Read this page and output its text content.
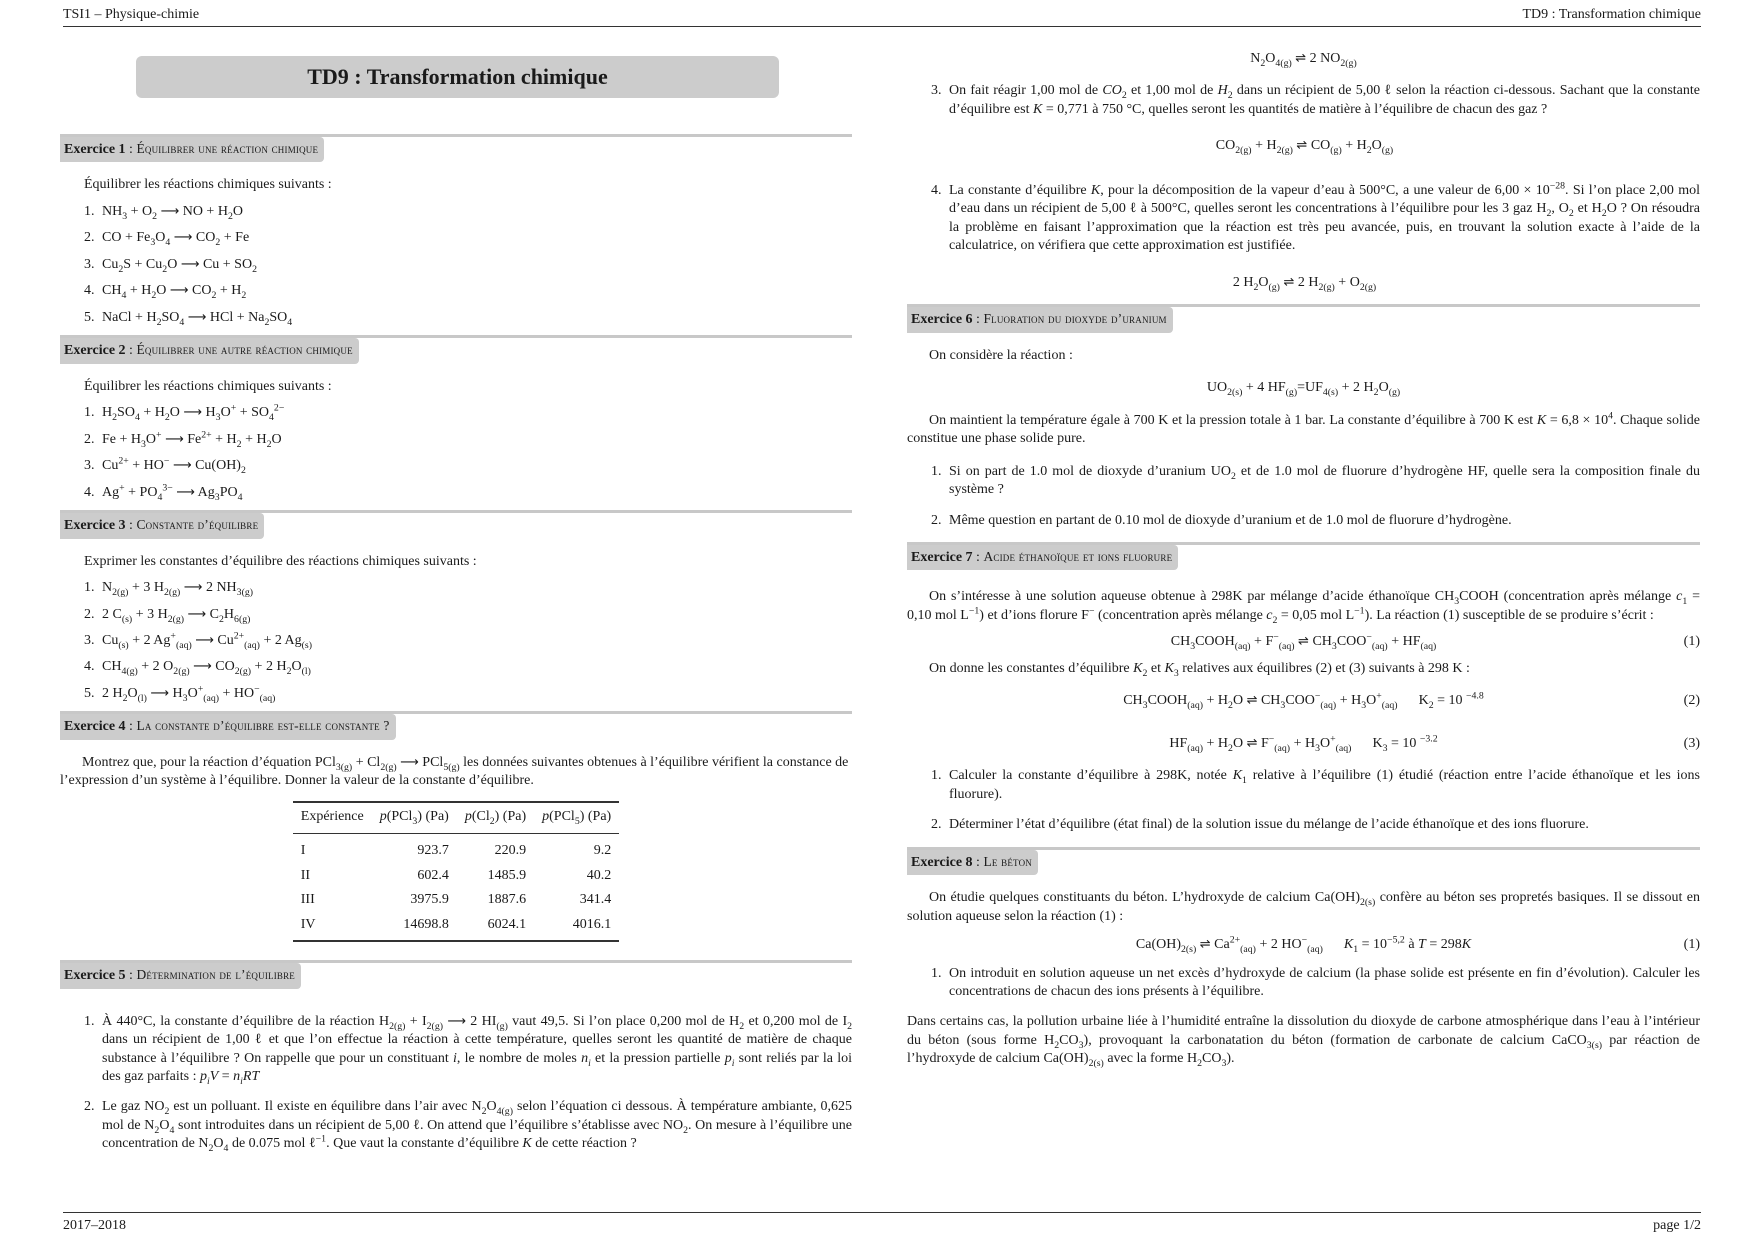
TSI1 – Physique-chimie	TD9 : Transformation chimique
TD9 : Transformation chimique
Exercice 1 : Équilibrer une réaction chimique

Équilibrer les réactions chimiques suivants :

1. $NH_3 + O_2$ ⟶ NO + $H_2O$
2. CO + $Fe_3O_4$ ⟶ $CO_2 + Fe$
3. $Cu_2S + Cu_2O$ ⟶ $Cu + SO_2$
4. $CH_4 + H_2O$ ⟶ $CO_2 + H_2$
5. NaCl + $H_2SO_4$ ⟶ HCl + $Na_2SO_4$
Exercice 2 : Équilibrer une autre réaction chimique

Équilibrer les réactions chimiques suivants :

1. $H_2SO_4 + H_2O$ ⟶ $H_3O^+ + SO_4^{2-}$
2. $Fe + H_3O^+$ ⟶ $Fe^{2+} + H_2 + H_2O$
3. $Cu^{2+} + HO^-$ ⟶ $Cu(OH)_2$
4. $Ag^+ + PO_4^{3-}$ ⟶ $Ag_3PO_4$
Exercice 3 : Constante d’équilibre

Exprimer les constantes d’équilibre des réactions chimiques suivants :

1. $N_{2(g)} + 3$ $H_{2(g)}$ ⟶ 2 $NH_{3(g)}$
2. 2 $C_{(s)} + 3$ $H_{2(g)}$ ⟶ $C_2H_{6(g)}$
3. $Cu_{(s)} + 2$ $Ag^+_{(aq)}$ ⟶ $Cu^{2+}_{(aq)} + 2$ $Ag_{(s)}$
4. $CH_{4(g)} + 2$ $O_{2(g)}$ ⟶ $CO_{2(g)} + 2$ $H_2O_{(l)}$
5. 2 $H_2O_{(l)}$ ⟶ $H_3O^+_{(aq)} + HO^-_{(aq)}$
Exercice 4 : La constante d’équilibre est-elle constante ?

Montrez que, pour la réaction d’équation $PCl_{3(g)} + Cl_{2(g)}$ ⟶ PCl$_{5(g)}$ les données suivantes obtenues à l’équilibre vérifient la constance de l’expression d’un système à l’équilibre. Donner la valeur de la constante d’équilibre.

Expérience	p(PCl$_3$) (Pa)	$p(Cl_2)$ (Pa)	p(PCl$_5$) (Pa)
I	923.7	220.9	9.2
II	602.4	1485.9	40.2
III	3975.9	1887.6	341.4
IV	14698.8	6024.1	4016.1
Exercice 5 : Détermination de l’équilibre
1. À 440°C, la constante d’équilibre de la réaction $H_{2(g)} + I_{2(g)}$ ⟶ 2 $HI_{(g)}$ vaut 49,5. Si l’on place 0,200 mol de $H_2$ et 0,200 mol de $I_2$ dans un récipient de 1,00 ℓ et que l’on effectue la réaction à cette température, quelles seront les quantité de matière de chaque substance à l’équilibre ? On rappelle que pour un constituant i, le nombre de moles $n_i$ et la pression partielle $p_i$ sont reliés par la loi des gaz parfaits : $p_iV = n_iRT$
2. Le gaz $NO_2$ est un polluant. Il existe en équilibre dans l’air avec $N_2O_{4(g)}$ selon l’équation ci dessous. À température ambiante, 0,625 mol de $N_2O_4$ sont introduites dans un récipient de 5,00 ℓ. On attend que l’équilibre s’établisse avec $NO_2$. On mesure à l’équilibre une concentration de $N_2O_4$ de 0.075 mol ℓ$^{-1}$. Que vaut la constante d’équilibre K de cette réaction ?
$N_2O_{4(g)}$ ⇌ 2 $NO_{2(g)}$
3. On fait réagir 1,00 mol de $CO_2$ et 1,00 mol de $H_2$ dans un récipient de 5,00 ℓ selon la réaction ci-dessous. Sachant que la constante d’équilibre est K = 0,771 à 750 °C, quelles seront les quantités de matière à l’équilibre de chacun des gaz ?
$CO_{2(g)} + H_{2(g)}$ ⇌ $CO_{(g)} + H_2O_{(g)}$
4. La constante d’équilibre K, pour la décomposition de la vapeur d’eau à 500°C, a une valeur de $6,00 \times 10^{-28}$. Si l’on place 2,00 mol d’eau dans un récipient de 5,00 ℓ à 500°C, quelles seront les concentrations à l’équilibre pour les 3 gaz $H_2$, $O_2$ et $H_2O$ ? On résoudra la problème en faisant l’approximation que la réaction est très peu avancée, puis, en trouvant la solution exacte à l’aide de la calculatrice, on vérifiera que cette approximation est justifiée.
2 $H_2O_{(g)}$ ⇌ 2 $H_{2(g)} + O_{2(g)}$
Exercice 6 : Fluoration du dioxyde d’uranium

On considère la réaction :

$UO_{2(s)} + 4$ $HF_{(g)}=UF_{4(s)} + 2$ $H_2O_{(g)}$

On maintient la température égale à 700 K et la pression totale à 1 bar. La constante d’équilibre à 700 K est $K = 6,8 \times 10^4$. Chaque solide constitue une phase solide pure.

1. Si on part de 1.0 mol de dioxyde d’uranium $UO_2$ et de 1.0 mol de fluorure d’hydrogène HF, quelle sera la composition finale du système ?
2. Même question en partant de 0.10 mol de dioxyde d’uranium et de 1.0 mol de fluorure d’hydrogène.
Exercice 7 : Acide éthanoïque et ions fluorure

On s’intéresse à une solution aqueuse obtenue à 298K par mélange d’acide éthanoïque $CH_3COOH$ (concentration après mélange $c_1 = 0,10$ mol $L^{-1}$) et d’ions florure F− (concentration après mélange $c_2 = 0,05$ mol $L^{-1}$). La réaction (1) susceptible de se produire s’écrit :

$CH_3COOH_{(aq)} + F^-_{(aq)}$ ⇌ $CH_3COO^-_{(aq)} + HF_{(aq)}$	(1)

On donne les constantes d’équilibre $K_2$ et $K_3$ relatives aux équilibres (2) et (3) suivants à 298 K :

$CH_3COOH_{(aq)} + H_2O$ ⇌ $CH_3COO^-_{(aq)} + H_3O^+_{(aq)}$      $K_2 = 10$ $^{-4.8}$	(2)
$HF_{(aq)} + H_2O$ ⇌ $F^-_{(aq)} + H_3O^+_{(aq)}$      $K_3 = 10$ $^{-3.2}$	(3)
1. Calculer la constante d’équilibre à 298K, notée $K_1$ relative à l’équilibre (1) étudié (réaction entre l’acide éthanoïque et les ions fluorure).
2. Déterminer l’état d’équilibre (état final) de la solution issue du mélange de l’acide éthanoïque et des ions fluorure.
Exercice 8 : Le béton

On étudie quelques constituants du béton. L’hydroxyde de calcium $Ca(OH)_{2(s)}$ confère au béton ses propretés basiques. Il se dissout en solution aqueuse selon la réaction (1) :

$Ca(OH)_{2(s)}$ ⇌ $Ca^{2+}_{(aq)} + 2$ $HO^-_{(aq)}$ $K_1 = 10^{-5,2}$ à T = 298K	(1)
1. On introduit en solution aqueuse un net excès d’hydroxyde de calcium (la phase solide est présente en fin d’évolution). Calculer les concentrations de chacun des ions présents à l’équilibre.

Dans certains cas, la pollution urbaine liée à l’humidité entraîne la dissolution du dioxyde de carbone atmosphérique dans l’eau à l’intérieur du béton (sous forme $H_2CO_3$), provoquant la carbonatation du béton (formation de carbonate de calcium CaCO$_{3(s)}$ par réaction de l’hydroxyde de calcium $Ca(OH)_{2(s)}$ avec la forme $H_2CO_3$).

2017–2018	page 1/2
